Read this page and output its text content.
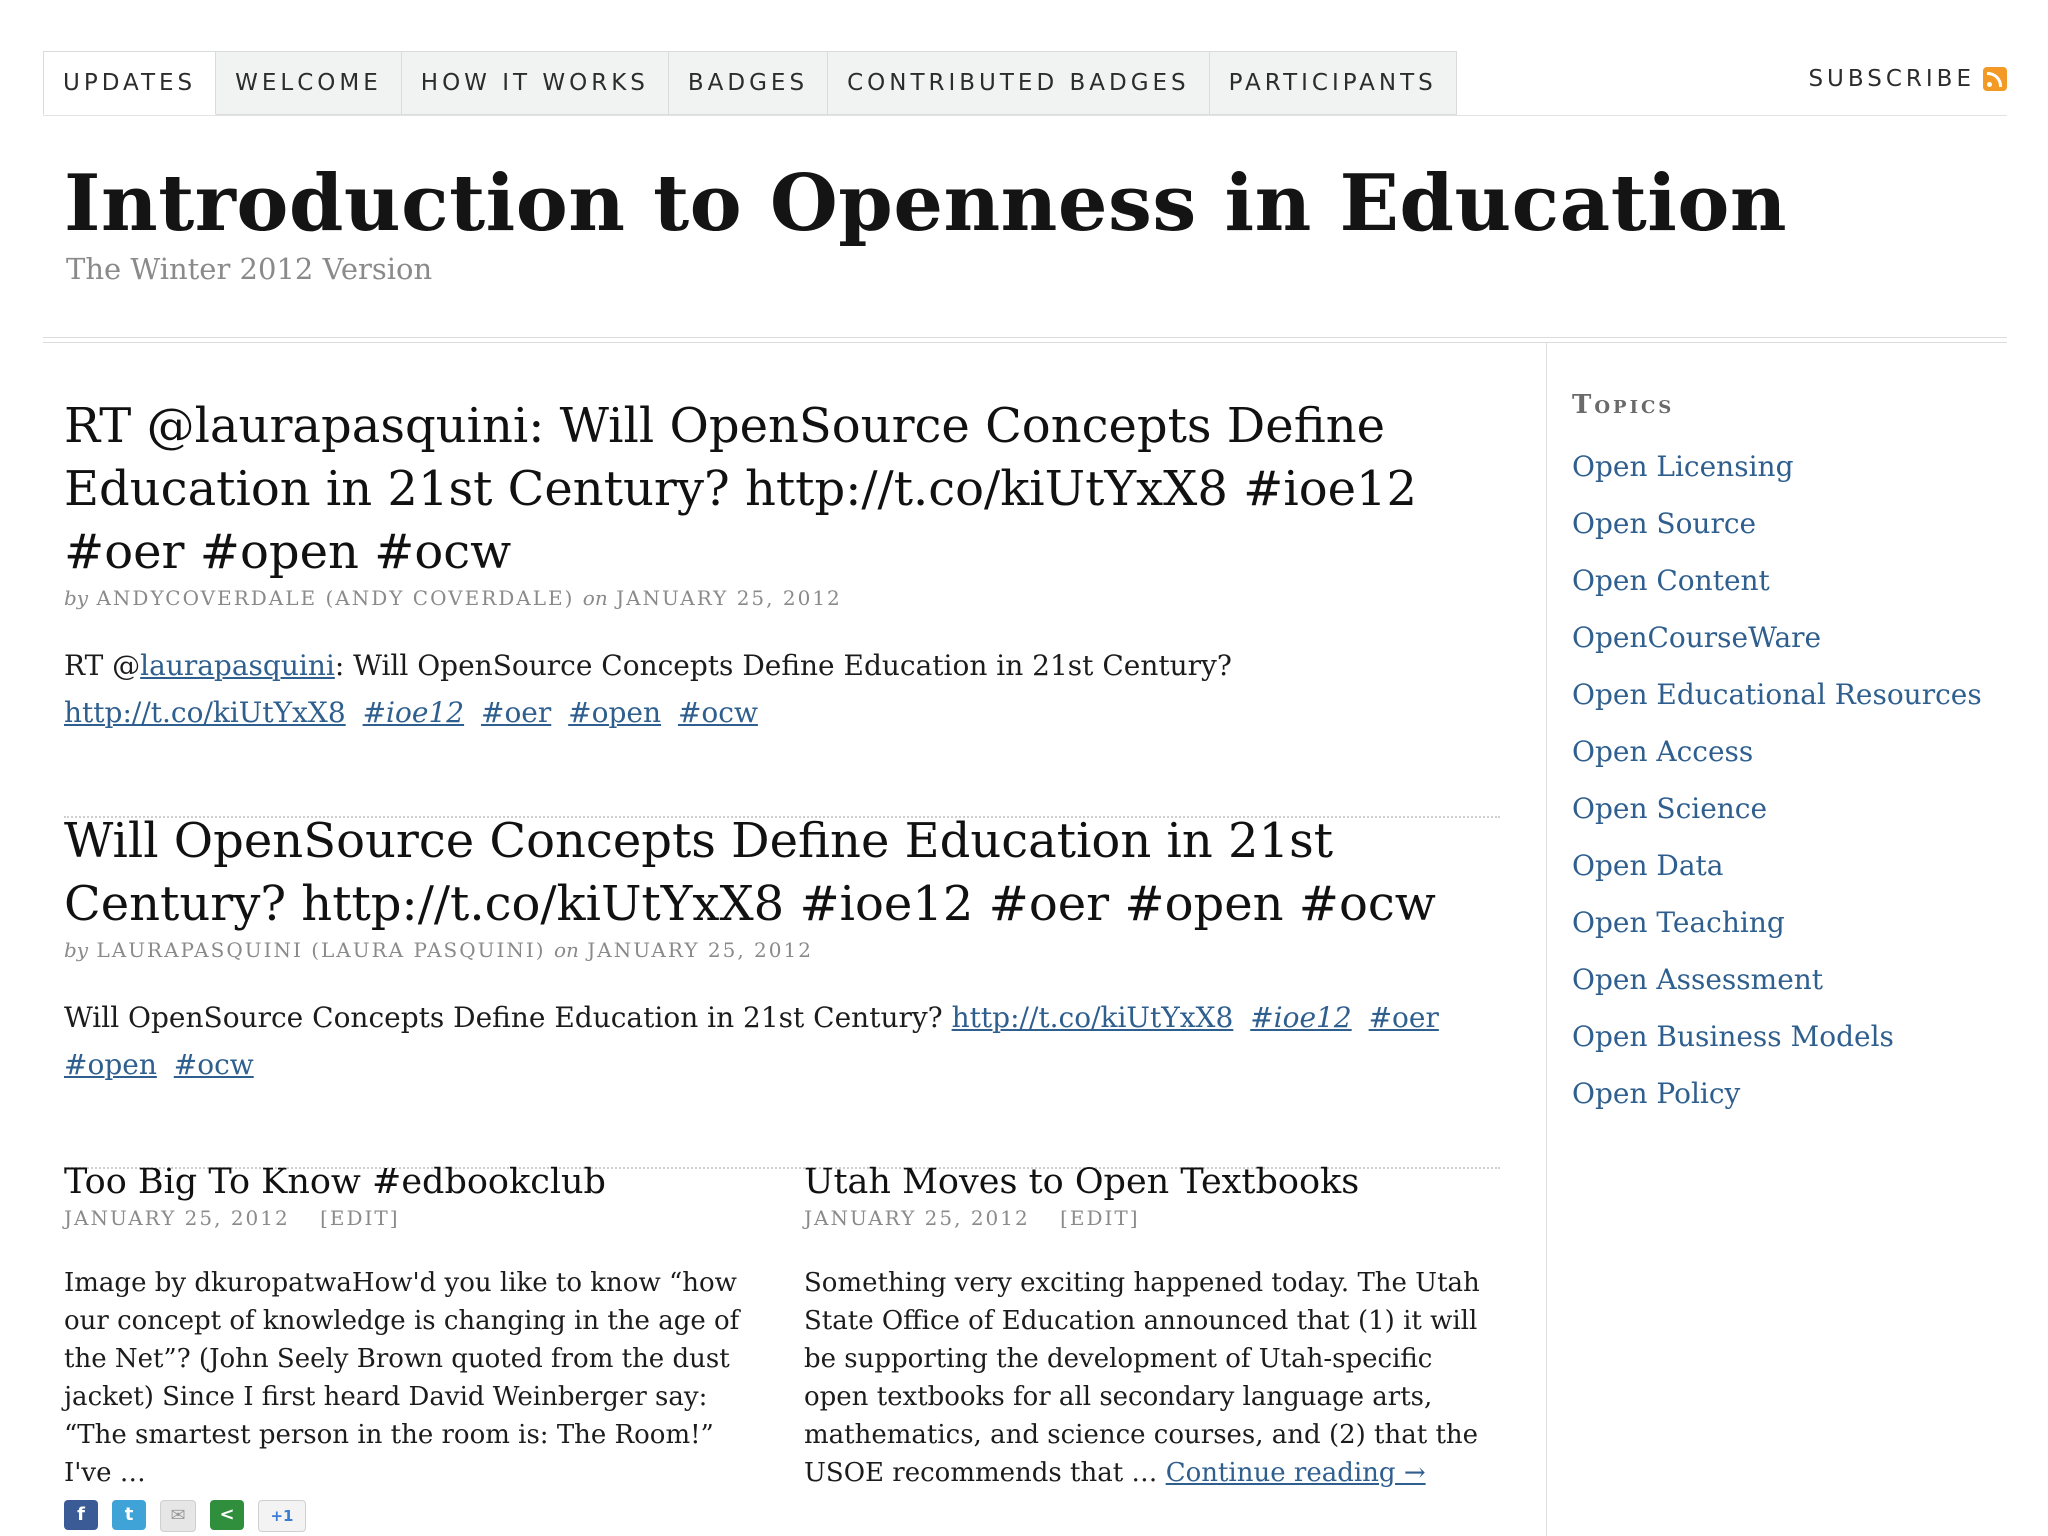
UPDATES	WELCOME	HOW IT WORKS	BADGES	CONTRIBUTED BADGES	PARTICIPANTS	SUBSCRIBE
Introduction to Openness in Education
The Winter 2012 Version
RT @laurapasquini: Will OpenSource Concepts Define Education in 21st Century? http://t.co/kiUtYxX8 #ioe12 #oer #open #ocw
by ANDYCOVERDALE (ANDY COVERDALE) on JANUARY 25, 2012
RT @laurapasquini: Will OpenSource Concepts Define Education in 21st Century?
http://t.co/kiUtYxX8 #ioe12 #oer #open #ocw
Will OpenSource Concepts Define Education in 21st Century? http://t.co/kiUtYxX8 #ioe12 #oer #open #ocw
by LAURAPASQUINI (LAURA PASQUINI) on JANUARY 25, 2012
Will OpenSource Concepts Define Education in 21st Century? http://t.co/kiUtYxX8 #ioe12 #oer #open #ocw
Too Big To Know #edbookclub
JANUARY 25, 2012 [EDIT]
Image by dkuropatwaHow'd you like to know “how our concept of knowledge is changing in the age of the Net”? (John Seely Brown quoted from the dust jacket) Since I first heard David Weinberger say: “The smartest person in the room is: The Room!” I've …
f	t	✉	<	+1
Utah Moves to Open Textbooks
JANUARY 25, 2012 [EDIT]
Something very exciting happened today. The Utah State Office of Education announced that (1) it will be supporting the development of Utah-specific open textbooks for all secondary language arts, mathematics, and science courses, and (2) that the USOE recommends that … Continue reading →
Topics
Open Licensing
Open Source
Open Content
OpenCourseWare
Open Educational Resources
Open Access
Open Science
Open Data
Open Teaching
Open Assessment
Open Business Models
Open Policy
